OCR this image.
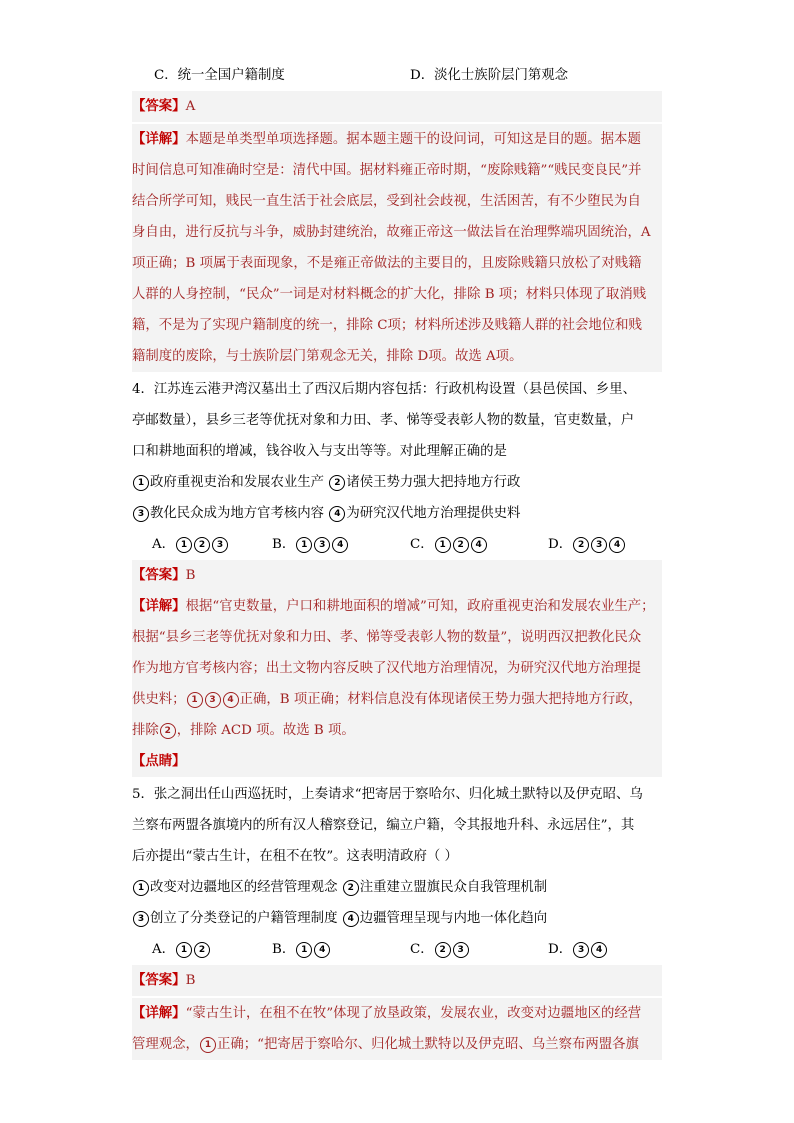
C．统一全国户籍制度	D．淡化士族阶层门第观念
【答案】A
【详解】本题是单类型单项选择题。据本题主题干的设问词，可知这是目的题。据本题
时间信息可知准确时空是：清代中国。据材料雍正帝时期，“废除贱籍”“贱民变良民”并
结合所学可知，贱民一直生活于社会底层，受到社会歧视，生活困苦，有不少堕民为自
身自由，进行反抗与斗争，威胁封建统治，故雍正帝这一做法旨在治理弊端巩固统治，A
项正确；B 项属于表面现象，不是雍正帝做法的主要目的，且废除贱籍只放松了对贱籍
人群的人身控制，“民众”一词是对材料概念的扩大化，排除 B 项；材料只体现了取消贱
籍，不是为了实现户籍制度的统一，排除 C项；材料所述涉及贱籍人群的社会地位和贱
籍制度的废除，与士族阶层门第观念无关，排除 D项。故选 A项。
4．江苏连云港尹湾汉墓出土了西汉后期内容包括：行政机构设置（县邑侯国、乡里、
亭邮数量），县乡三老等优抚对象和力田、孝、悌等受表彰人物的数量，官吏数量，户
口和耕地面积的增减，钱谷收入与支出等等。对此理解正确的是
1 政府重视吏治和发展农业生产 2 诸侯王势力强大把持地方行政
3 教化民众成为地方官考核内容 4 为研究汉代地方治理提供史料
A． 1 2 3	B． 1 3 4	C． 1 2 4	D． 2 3 4
【答案】B
【详解】根据“官吏数量，户口和耕地面积的增减”可知，政府重视吏治和发展农业生产；
根据“县乡三老等优抚对象和力田、孝、悌等受表彰人物的数量”，说明西汉把教化民众
作为地方官考核内容；出土文物内容反映了汉代地方治理情况，为研究汉代地方治理提
供史料； 1 3 4 正确，B 项正确；材料信息没有体现诸侯王势力强大把持地方行政，
排除 2 ，排除 ACD 项。故选 B 项。
【点睛】
5．张之洞出任山西巡抚时，上奏请求“把寄居于察哈尔、归化城土默特以及伊克昭、乌
兰察布两盟各旗境内的所有汉人稽察登记，编立户籍，令其报地升科、永远居住”，其
后亦提出“蒙古生计，在租不在牧”。这表明清政府（ ）
1 改变对边疆地区的经营管理观念 2 注重建立盟旗民众自我管理机制
3 创立了分类登记的户籍管理制度 4 边疆管理呈现与内地一体化趋向
A． 1 2	B． 1 4	C． 2 3	D． 3 4
【答案】B
【详解】“蒙古生计，在租不在牧”体现了放垦政策，发展农业，改变对边疆地区的经营
管理观念， 1 正确；“把寄居于察哈尔、归化城土默特以及伊克昭、乌兰察布两盟各旗
